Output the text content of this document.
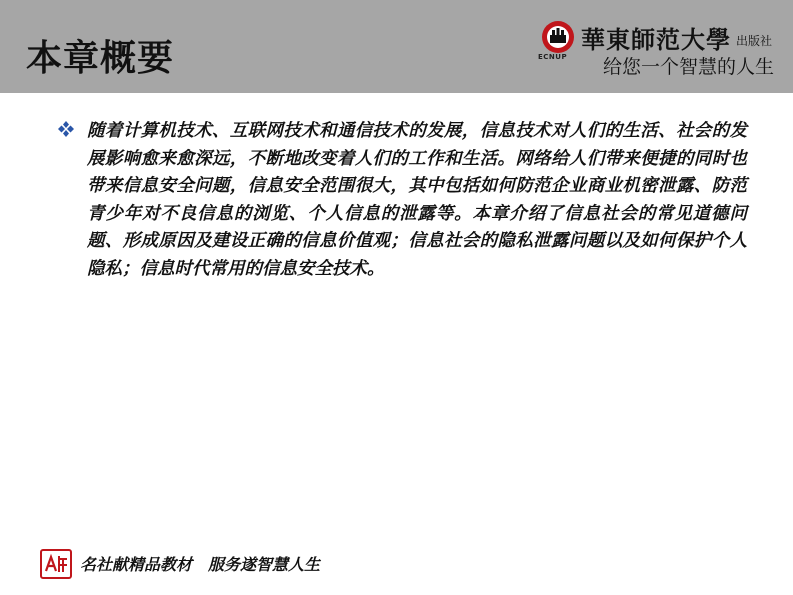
本章概要	ECNUP
華東師范大學 出版社
给您一个智慧的人生

随着计算机技术、互联网技术和通信技术的发展，信息技术对人们的生活、社会的发展影响愈来愈深远，不断地改变着人们的工作和生活。网络给人们带来便捷的同时也带来信息安全问题，信息安全范围很大，其中包括如何防范企业商业机密泄露、防范青少年对不良信息的浏览、个人信息的泄露等。本章介绍了信息社会的常见道德问题、形成原因及建设正确的信息价值观；信息社会的隐私泄露问题以及如何保护个人隐私；信息时代常用的信息安全技术。

名社献精品教材　服务遂智慧人生
